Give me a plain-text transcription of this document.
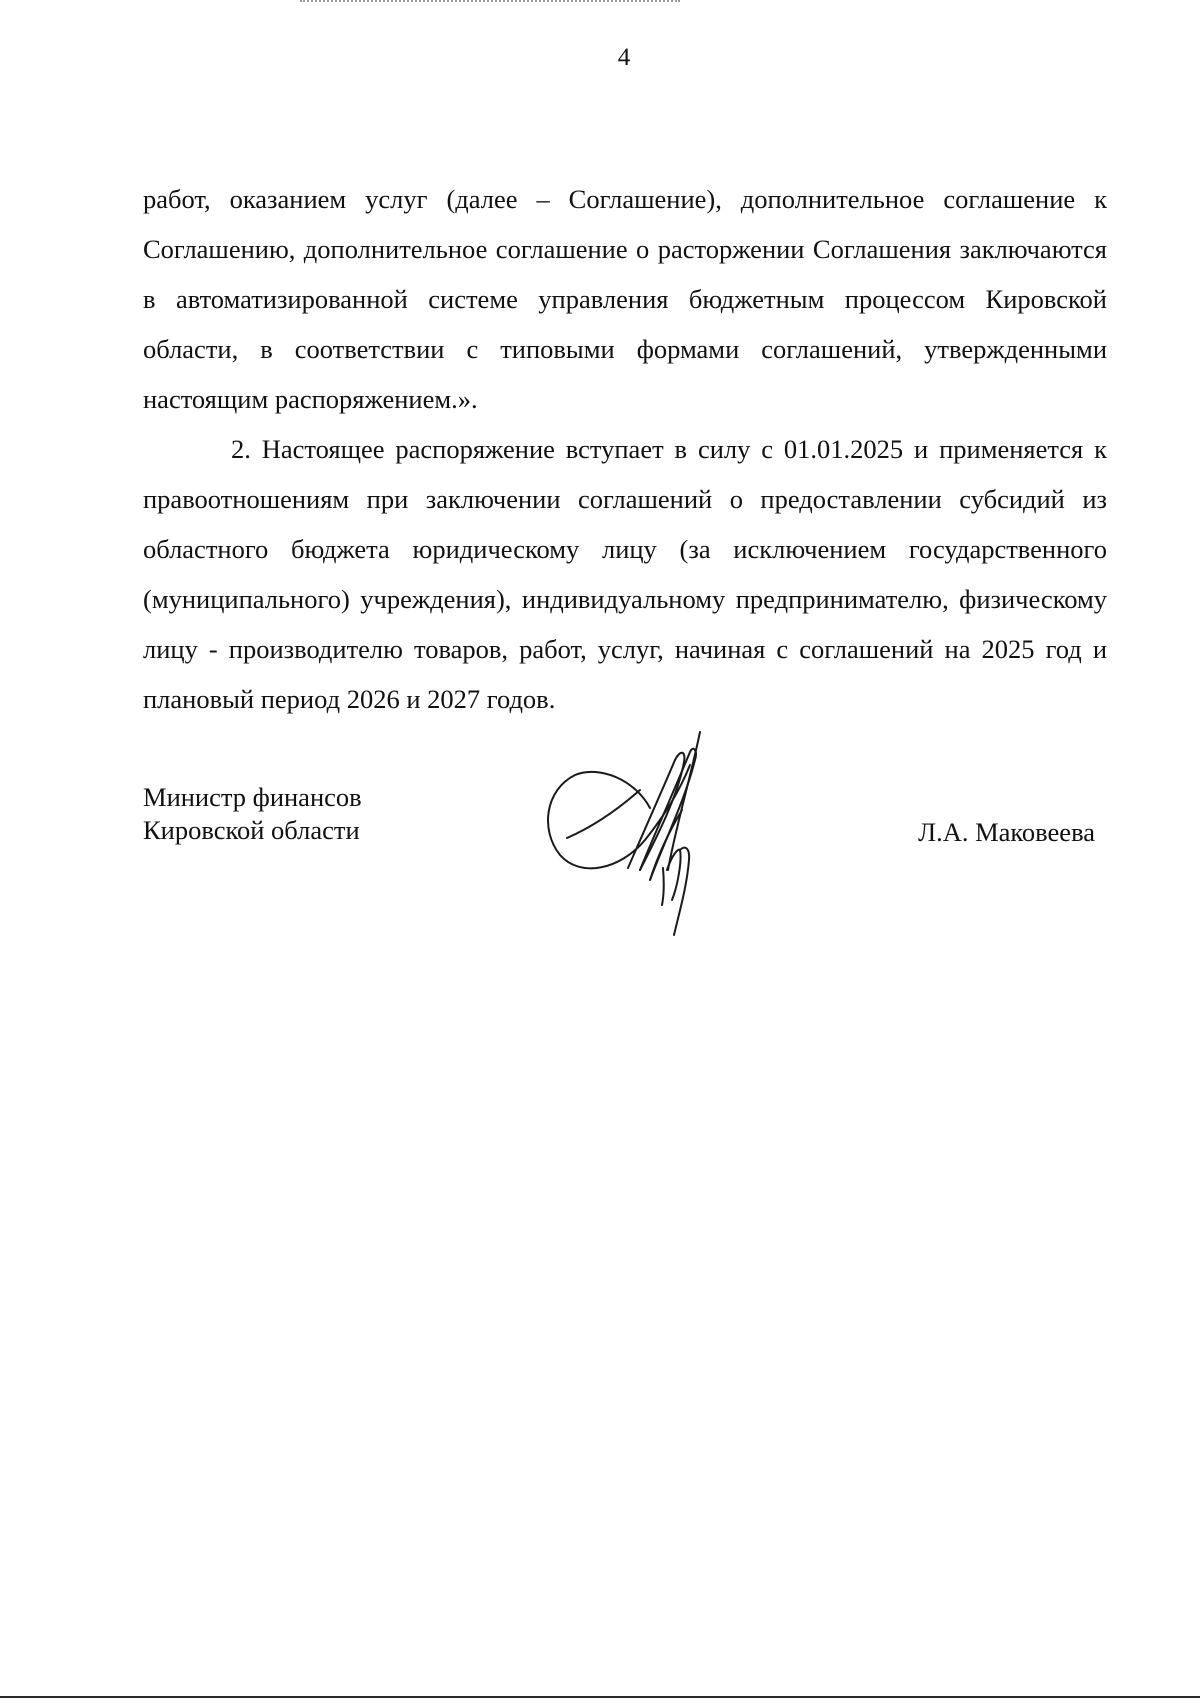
4

работ, оказанием услуг (далее – Соглашение), дополнительное соглашение к Соглашению, дополнительное соглашение о расторжении Соглашения заключаются в автоматизированной системе управления бюджетным процессом Кировской области, в соответствии с типовыми формами соглашений, утвержденными настоящим распоряжением.».

2. Настоящее распоряжение вступает в силу с 01.01.2025 и применяется к правоотношениям при заключении соглашений о предоставлении субсидий из областного бюджета юридическому лицу (за исключением государственного (муниципального) учреждения), индивидуальному предпринимателю, физическому лицу - производителю товаров, работ, услуг, начиная с соглашений на 2025 год и плановый период 2026 и 2027 годов.

Министр финансов
Кировской области	Л.А. Маковеева
